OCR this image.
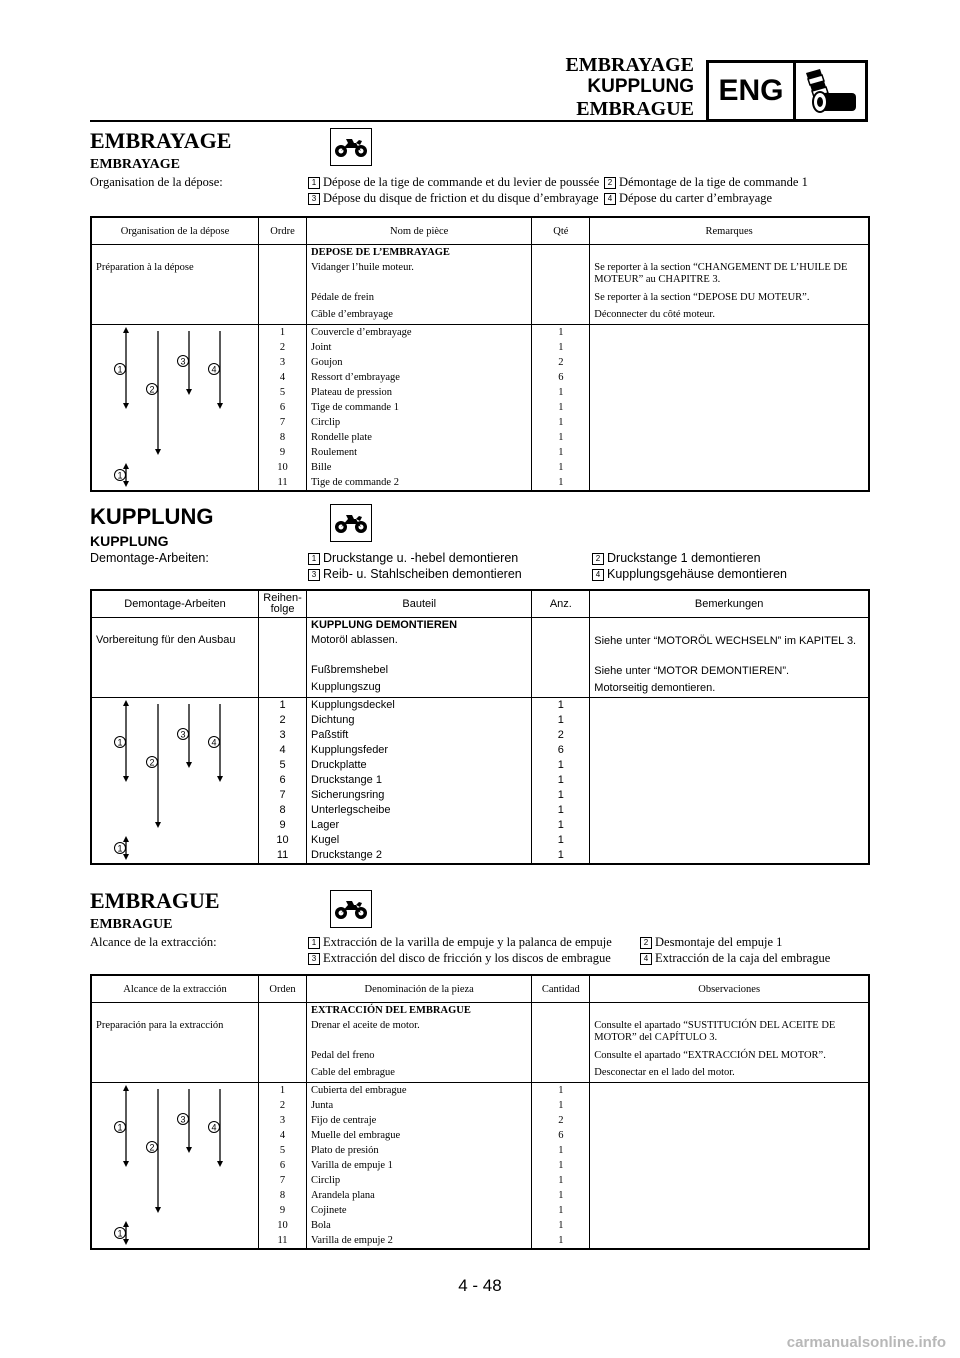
EMBRAYAGE
KUPPLUNG
EMBRAGUE
ENG
EMBRAYAGE
EMBRAYAGE
Organisation de la dépose:	1 Dépose de la tige de commande et du levier de poussée
3 Dépose du disque de friction et du disque d’embrayage
2 Démontage de la tige de commande 1
4 Dépose du carter d’embrayage
Organisation de la dépose	Ordre	Nom de pièce	Qté	Remarques
		DEPOSE DE L’EMBRAYAGE		
Préparation à la dépose		Vidanger l’huile moteur.		Se reporter à la section “CHANGEMENT DE L’HUILE DE MOTEUR” au CHAPITRE 3.
		Pédale de frein		Se reporter à la section “DEPOSE DU MOTEUR”.
		Câble d’embrayage		Déconnecter du côté moteur.

1
2
3
4
1	1	Couvercle d’embrayage	1	
	2	Joint	1	
	3	Goujon	2	
	4	Ressort d’embrayage	6	
	5	Plateau de pression	1	
	6	Tige de commande 1	1	
	7	Circlip	1	
	8	Rondelle plate	1	
	9	Roulement	1	
	10	Bille	1	
	11	Tige de commande 2	1	
KUPPLUNG
KUPPLUNG
Demontage-Arbeiten:	1 Druckstange u. -hebel demontieren
3 Reib- u. Stahlscheiben demontieren
2 Druckstange 1 demontieren
4 Kupplungsgehäuse demontieren
Demontage-Arbeiten	Reihen-folge	Bauteil	Anz.	Bemerkungen
		KUPPLUNG DEMONTIEREN		
Vorbereitung für den Ausbau		Motoröl ablassen.		Siehe unter “MOTORÖL WECHSELN” im KAPITEL 3.
		Fußbremshebel		Siehe unter “MOTOR DEMONTIEREN”.
		Kupplungszug		Motorseitig demontieren.

1
2
3
4
1	1	Kupplungsdeckel	1	
	2	Dichtung	1	
	3	Paßstift	2	
	4	Kupplungsfeder	6	
	5	Druckplatte	1	
	6	Druckstange 1	1	
	7	Sicherungsring	1	
	8	Unterlegscheibe	1	
	9	Lager	1	
	10	Kugel	1	
	11	Druckstange 2	1	
EMBRAGUE
EMBRAGUE
Alcance de la extracción:	1 Extracción de la varilla de empuje y la palanca de empuje
3 Extracción del disco de fricción y los discos de embrague
2 Desmontaje del empuje 1
4 Extracción de la caja del embrague
Alcance de la extracción	Orden	Denominación de la pieza	Cantidad	Observaciones
		EXTRACCIÓN DEL EMBRAGUE		
Preparación para la extracción		Drenar el aceite de motor.		Consulte el apartado “SUSTITUCIÓN DEL ACEITE DE MOTOR” del CAPÍTULO 3.
		Pedal del freno		Consulte el apartado “EXTRACCIÓN DEL MOTOR”.
		Cable del embrague		Desconectar en el lado del motor.

1
2
3
4
1	1	Cubierta del embrague	1	
	2	Junta	1	
	3	Fijo de centraje	2	
	4	Muelle del embrague	6	
	5	Plato de presión	1	
	6	Varilla de empuje 1	1	
	7	Circlip	1	
	8	Arandela plana	1	
	9	Cojinete	1	
	10	Bola	1	
	11	Varilla de empuje 2	1	
4 - 48
carmanualsonline.info
